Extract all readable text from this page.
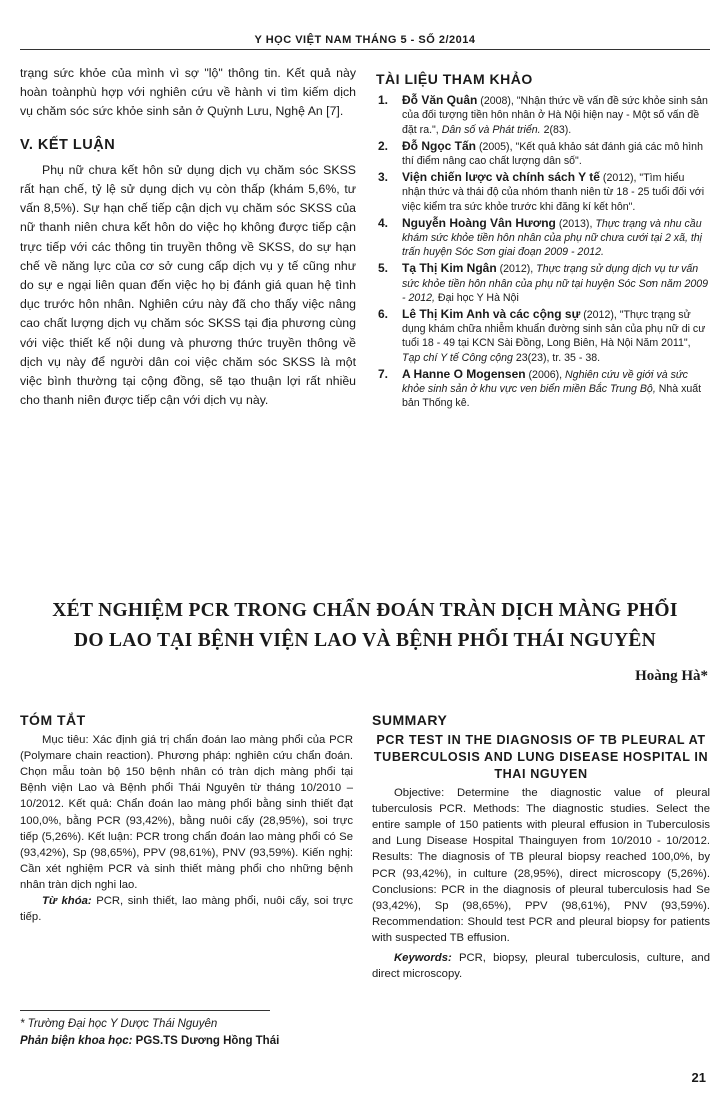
Y HỌC VIỆT NAM THÁNG 5 - SỐ 2/2014

trạng sức khỏe của mình vì sợ "lộ" thông tin. Kết quả này hoàn toànphù hợp với nghiên cứu về hành vi tìm kiếm dịch vụ chăm sóc sức khỏe sinh sản ở Quỳnh Lưu, Nghệ An [7].

V. KẾT LUẬN

Phụ nữ chưa kết hôn sử dụng dịch vụ chăm sóc SKSS rất hạn chế, tỷ lệ sử dụng dịch vụ còn thấp (khám 5,6%, tư vấn 8,5%). Sự hạn chế tiếp cận dịch vụ chăm sóc SKSS của nữ thanh niên chưa kết hôn do việc họ không được tiếp cận trực tiếp với các thông tin truyền thông về SKSS, do sự hạn chế về năng lực của cơ sở cung cấp dịch vụ y tế cũng như do sự e ngại liên quan đến việc họ bị đánh giá quan hệ tình dục trước hôn nhân. Nghiên cứu này đã cho thấy việc nâng cao chất lượng dịch vụ chăm sóc SKSS tại địa phương cùng với việc thiết kế nội dung và phương thức truyền thông về dịch vụ này để người dân coi việc chăm sóc SKSS là một việc bình thường tại cộng đồng, sẽ tạo thuận lợi rất nhiều cho thanh niên được tiếp cận với dịch vụ này.

TÀI LIỆU THAM KHẢO
1. Đỗ Văn Quân (2008), "Nhận thức về vấn đề sức khỏe sinh sản của đối tượng tiền hôn nhân ở Hà Nội hiện nay - Một số vấn đề đặt ra.", Dân số và Phát triển. 2(83).
2. Đỗ Ngọc Tấn (2005), "Kết quả khảo sát đánh giá các mô hình thí điểm nâng cao chất lượng dân số".
3. Viện chiến lược và chính sách Y tế (2012), "Tìm hiểu nhận thức và thái độ của nhóm thanh niên từ 18 - 25 tuổi đối với việc kiểm tra sức khỏe trước khi đăng kí kết hôn".
4. Nguyễn Hoàng Vân Hương (2013), Thực trạng và nhu cầu khám sức khỏe tiền hôn nhân của phụ nữ chưa cưới tại 2 xã, thị trấn huyện Sóc Sơn giai đoạn 2009 - 2012.
5. Tạ Thị Kim Ngân (2012), Thực trạng sử dụng dịch vụ tư vấn sức khỏe tiền hôn nhân của phụ nữ tại huyện Sóc Sơn năm 2009 - 2012, Đại học Y Hà Nội
6. Lê Thị Kim Anh và các cộng sự (2012), "Thực trạng sử dụng khám chữa nhiễm khuẩn đường sinh sản của phụ nữ di cư tuổi 18 - 49 tại KCN Sài Đồng, Long Biên, Hà Nội Năm 2011", Tạp chí Y tế Công cộng 23(23), tr. 35 - 38.
7. A Hanne O Mogensen (2006), Nghiên cứu về giới và sức khỏe sinh sản ở khu vực ven biển miền Bắc Trung Bộ, Nhà xuất bản Thống kê.
XÉT NGHIỆM PCR TRONG CHẨN ĐOÁN TRÀN DỊCH MÀNG PHỔI
DO LAO TẠI BỆNH VIỆN LAO VÀ BỆNH PHỔI THÁI NGUYÊN
Hoàng Hà*
TÓM TẮT

Mục tiêu: Xác định giá trị chẩn đoán lao màng phổi của PCR (Polymare chain reaction). Phương pháp: nghiên cứu chẩn đoán. Chọn mẫu toàn bộ 150 bệnh nhân có tràn dịch màng phổi tại Bệnh viện Lao và Bệnh phổi Thái Nguyên từ tháng 10/2010 – 10/2012. Kết quả: Chẩn đoán lao màng phổi bằng sinh thiết đạt 100,0%, bằng PCR (93,42%), bằng nuôi cấy (28,95%), soi trực tiếp (5,26%). Kết luận: PCR trong chẩn đoán lao màng phổi có Se (93,42%), Sp (98,65%), PPV (98,61%), PNV (93,59%). Kiến nghị: Cần xét nghiệm PCR và sinh thiết màng phổi cho những bệnh nhân tràn dịch nghi lao.

Từ khóa: PCR, sinh thiết, lao màng phổi, nuôi cấy, soi trực tiếp.

SUMMARY
PCR TEST IN THE DIAGNOSIS OF TB PLEURAL AT TUBERCULOSIS AND LUNG DISEASE HOSPITAL IN THAI NGUYEN

Objective: Determine the diagnostic value of pleural tuberculosis PCR. Methods: The diagnostic studies. Select the entire sample of 150 patients with pleural effusion in Tuberculosis and Lung Disease Hospital Thainguyen from 10/2010 - 10/2012. Results: The diagnosis of TB pleural biopsy reached 100,0%, by PCR (93,42%), in culture (28,95%), direct microscopy (5,26%). Conclusions: PCR in the diagnosis of pleural tuberculosis had Se (93,42%), Sp (98,65%), PPV (98,61%), PNV (93,59%). Recommendation: Should test PCR and pleural biopsy for patients with suspected TB effusion.

Keywords: PCR, biopsy, pleural tuberculosis, culture, and direct microscopy.

* Trường Đại học Y Dược Thái Nguyên
Phản biện khoa học: PGS.TS Dương Hồng Thái
21
